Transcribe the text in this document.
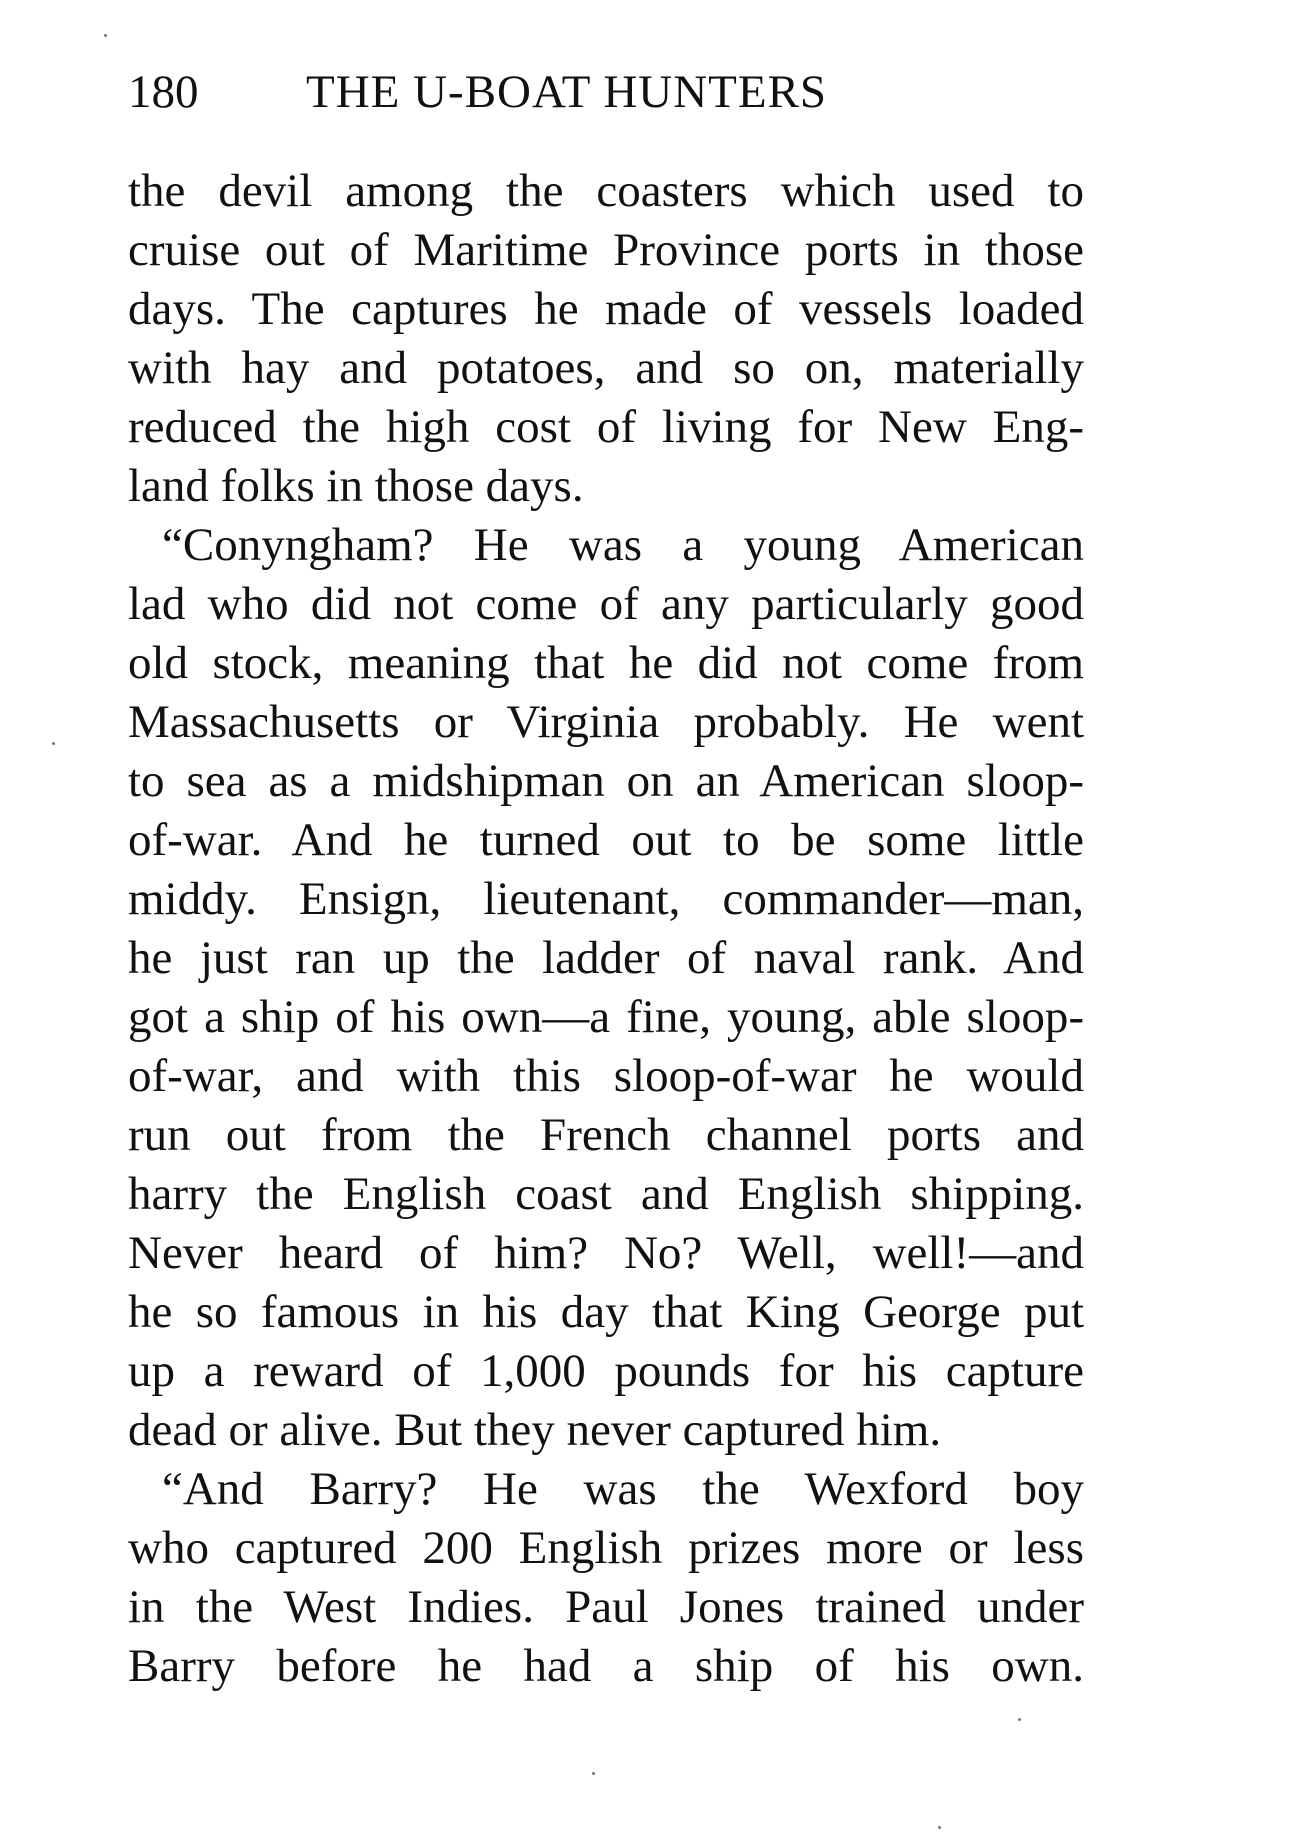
180 THE U-BOAT HUNTERS
the devil among the coasters which used to
cruise out of Maritime Province ports in those
days. The captures he made of vessels loaded
with hay and potatoes, and so on, materially
reduced the high cost of living for New Eng-
land folks in those days.
“Conyngham? He was a young American
lad who did not come of any particularly good
old stock, meaning that he did not come from
Massachusetts or Virginia probably. He went
to sea as a midshipman on an American sloop-
of-war. And he turned out to be some little
middy. Ensign, lieutenant, commander—man,
he just ran up the ladder of naval rank. And
got a ship of his own—a fine, young, able sloop-
of-war, and with this sloop-of-war he would
run out from the French channel ports and
harry the English coast and English shipping.
Never heard of him? No? Well, well!—and
he so famous in his day that King George put
up a reward of 1,000 pounds for his capture
dead or alive. But they never captured him.
“And Barry? He was the Wexford boy
who captured 200 English prizes more or less
in the West Indies. Paul Jones trained under
Barry before he had a ship of his own.
